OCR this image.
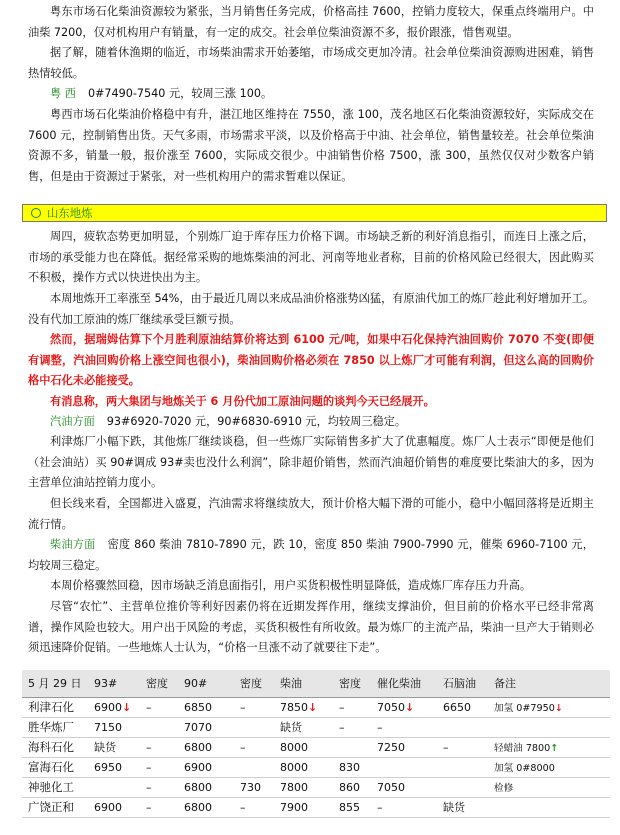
粤东市场石化柴油资源较为紧张，当月销售任务完成，价格高挂 7600，控销力度较大，保重点终端用户。中油柴 7200，仅对机构用户有销量，有一定的成交。社会单位柴油资源不多，报价跟涨，惜售观望。

据了解，随着休渔期的临近，市场柴油需求开始萎缩，市场成交更加冷清。社会单位柴油资源购进困难，销售热情较低。

粤 西 0#7490-7540 元，较周三涨 100。

粤西市场石化柴油价格稳中有升，湛江地区维持在 7550，涨 100，茂名地区石化柴油资源较好，实际成交在 7600 元，控制销售出货。天气多雨，市场需求平淡，以及价格高于中油、社会单位，销售量较差。社会单位柴油资源不多，销量一般，报价涨至 7600，实际成交很少。中油销售价格 7500，涨 300，虽然仅仅对少数客户销售，但是由于资源过于紧张，对一些机构用户的需求暂难以保证。

山东地炼

周四，疲软态势更加明显，个别炼厂迫于库存压力价格下调。市场缺乏新的利好消息指引，而连日上涨之后，市场的承受能力也在降低。据经常采购的地炼柴油的河北、河南等地业者称，目前的价格风险已经很大，因此购买不积极，操作方式以快进快出为主。

本周地炼开工率涨至 54%，由于最近几周以来成品油价格涨势凶猛，有原油代加工的炼厂趁此利好增加开工。没有代加工原油的炼厂继续承受巨额亏损。

然而，据瑞姆估算下个月胜利原油结算价将达到 6100 元/吨，如果中石化保持汽油回购价 7070 不变(即便有调整，汽油回购价格上涨空间也很小)，柴油回购价格必须在 7850 以上炼厂才可能有利润，但这么高的回购价格中石化未必能接受。

有消息称，两大集团与地炼关于 6 月份代加工原油问题的谈判今天已经展开。

汽油方面 93#6920-7020 元，90#6830-6910 元，均较周三稳定。

利津炼厂小幅下跌，其他炼厂继续谈稳，但一些炼厂实际销售多扩大了优惠幅度。炼厂人士表示“即便是他们（社会油站）买 90#调成 93#卖也没什么利润”，除非超价销售，然而汽油超价销售的难度要比柴油大的多，因为主营单位油站控销力度小。

但长线来看，全国都进入盛夏，汽油需求将继续放大，预计价格大幅下滑的可能小，稳中小幅回落将是近期主流行情。

柴油方面 密度 860 柴油 7810-7890 元，跌 10，密度 850 柴油 7900-7990 元，催柴 6960-7100 元，均较周三稳定。

本周价格骤然回稳，因市场缺乏消息面指引，用户买货积极性明显降低，造成炼厂库存压力升高。

尽管“农忙”、主营单位推价等利好因素仍将在近期发挥作用，继续支撑油价，但目前的价格水平已经非常离谱，操作风险也较大。用户出于风险的考虑，买货积极性有所收敛。最为炼厂的主流产品，柴油一旦产大于销则必须迅速降价促销。一些地炼人士认为，“价格一旦涨不动了就要往下走”。

5 月 29 日	93#	密度	90#	密度	柴油	密度	催化柴油	石脑油	备注
利津石化	6900↓	–	6850	–	7850↓	–	7050↓	6650	加氢 0#7950↓
胜华炼厂	7150		7070		缺货	–	–		
海科石化	缺货	–	6800	–	8000		7250	–	轻蜡油 7800↑
富海石化	6950	–	6900		8000	830			加氢 0#8000
神驰化工		–	6800	730	7800	860	7050		检修
广饶正和	6900	–	6800	–	7900	855	–	缺货	
